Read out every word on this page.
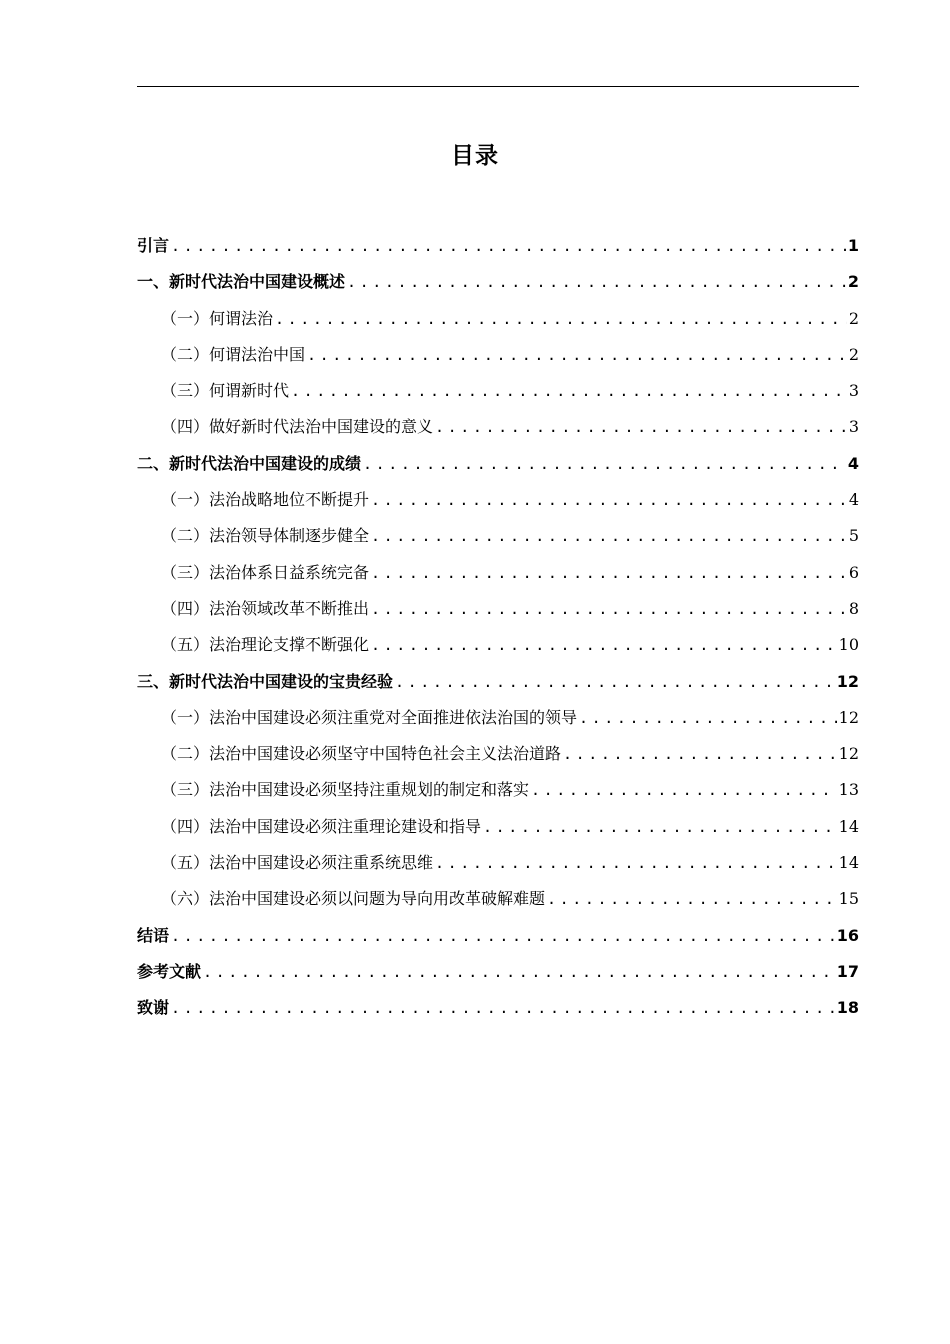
目录
引言 .....	1
一、新时代法治中国建设概述 .....	2
（一）何谓法治 .....	2
（二）何谓法治中国 .....	2
（三）何谓新时代 .....	3
（四）做好新时代法治中国建设的意义 .....	3
二、新时代法治中国建设的成绩 .....	4
（一）法治战略地位不断提升 .....	4
（二）法治领导体制逐步健全 .....	5
（三）法治体系日益系统完备 .....	6
（四）法治领域改革不断推出 .....	8
（五）法治理论支撑不断强化 .....	10
三、新时代法治中国建设的宝贵经验 .....	12
（一）法治中国建设必须注重党对全面推进依法治国的领导 .....	12
（二）法治中国建设必须坚守中国特色社会主义法治道路 .....	12
（三）法治中国建设必须坚持注重规划的制定和落实 .....	13
（四）法治中国建设必须注重理论建设和指导 .....	14
（五）法治中国建设必须注重系统思维 .....	14
（六）法治中国建设必须以问题为导向用改革破解难题 .....	15
结语 .....	16
参考文献 .....	17
致谢 .....	18
